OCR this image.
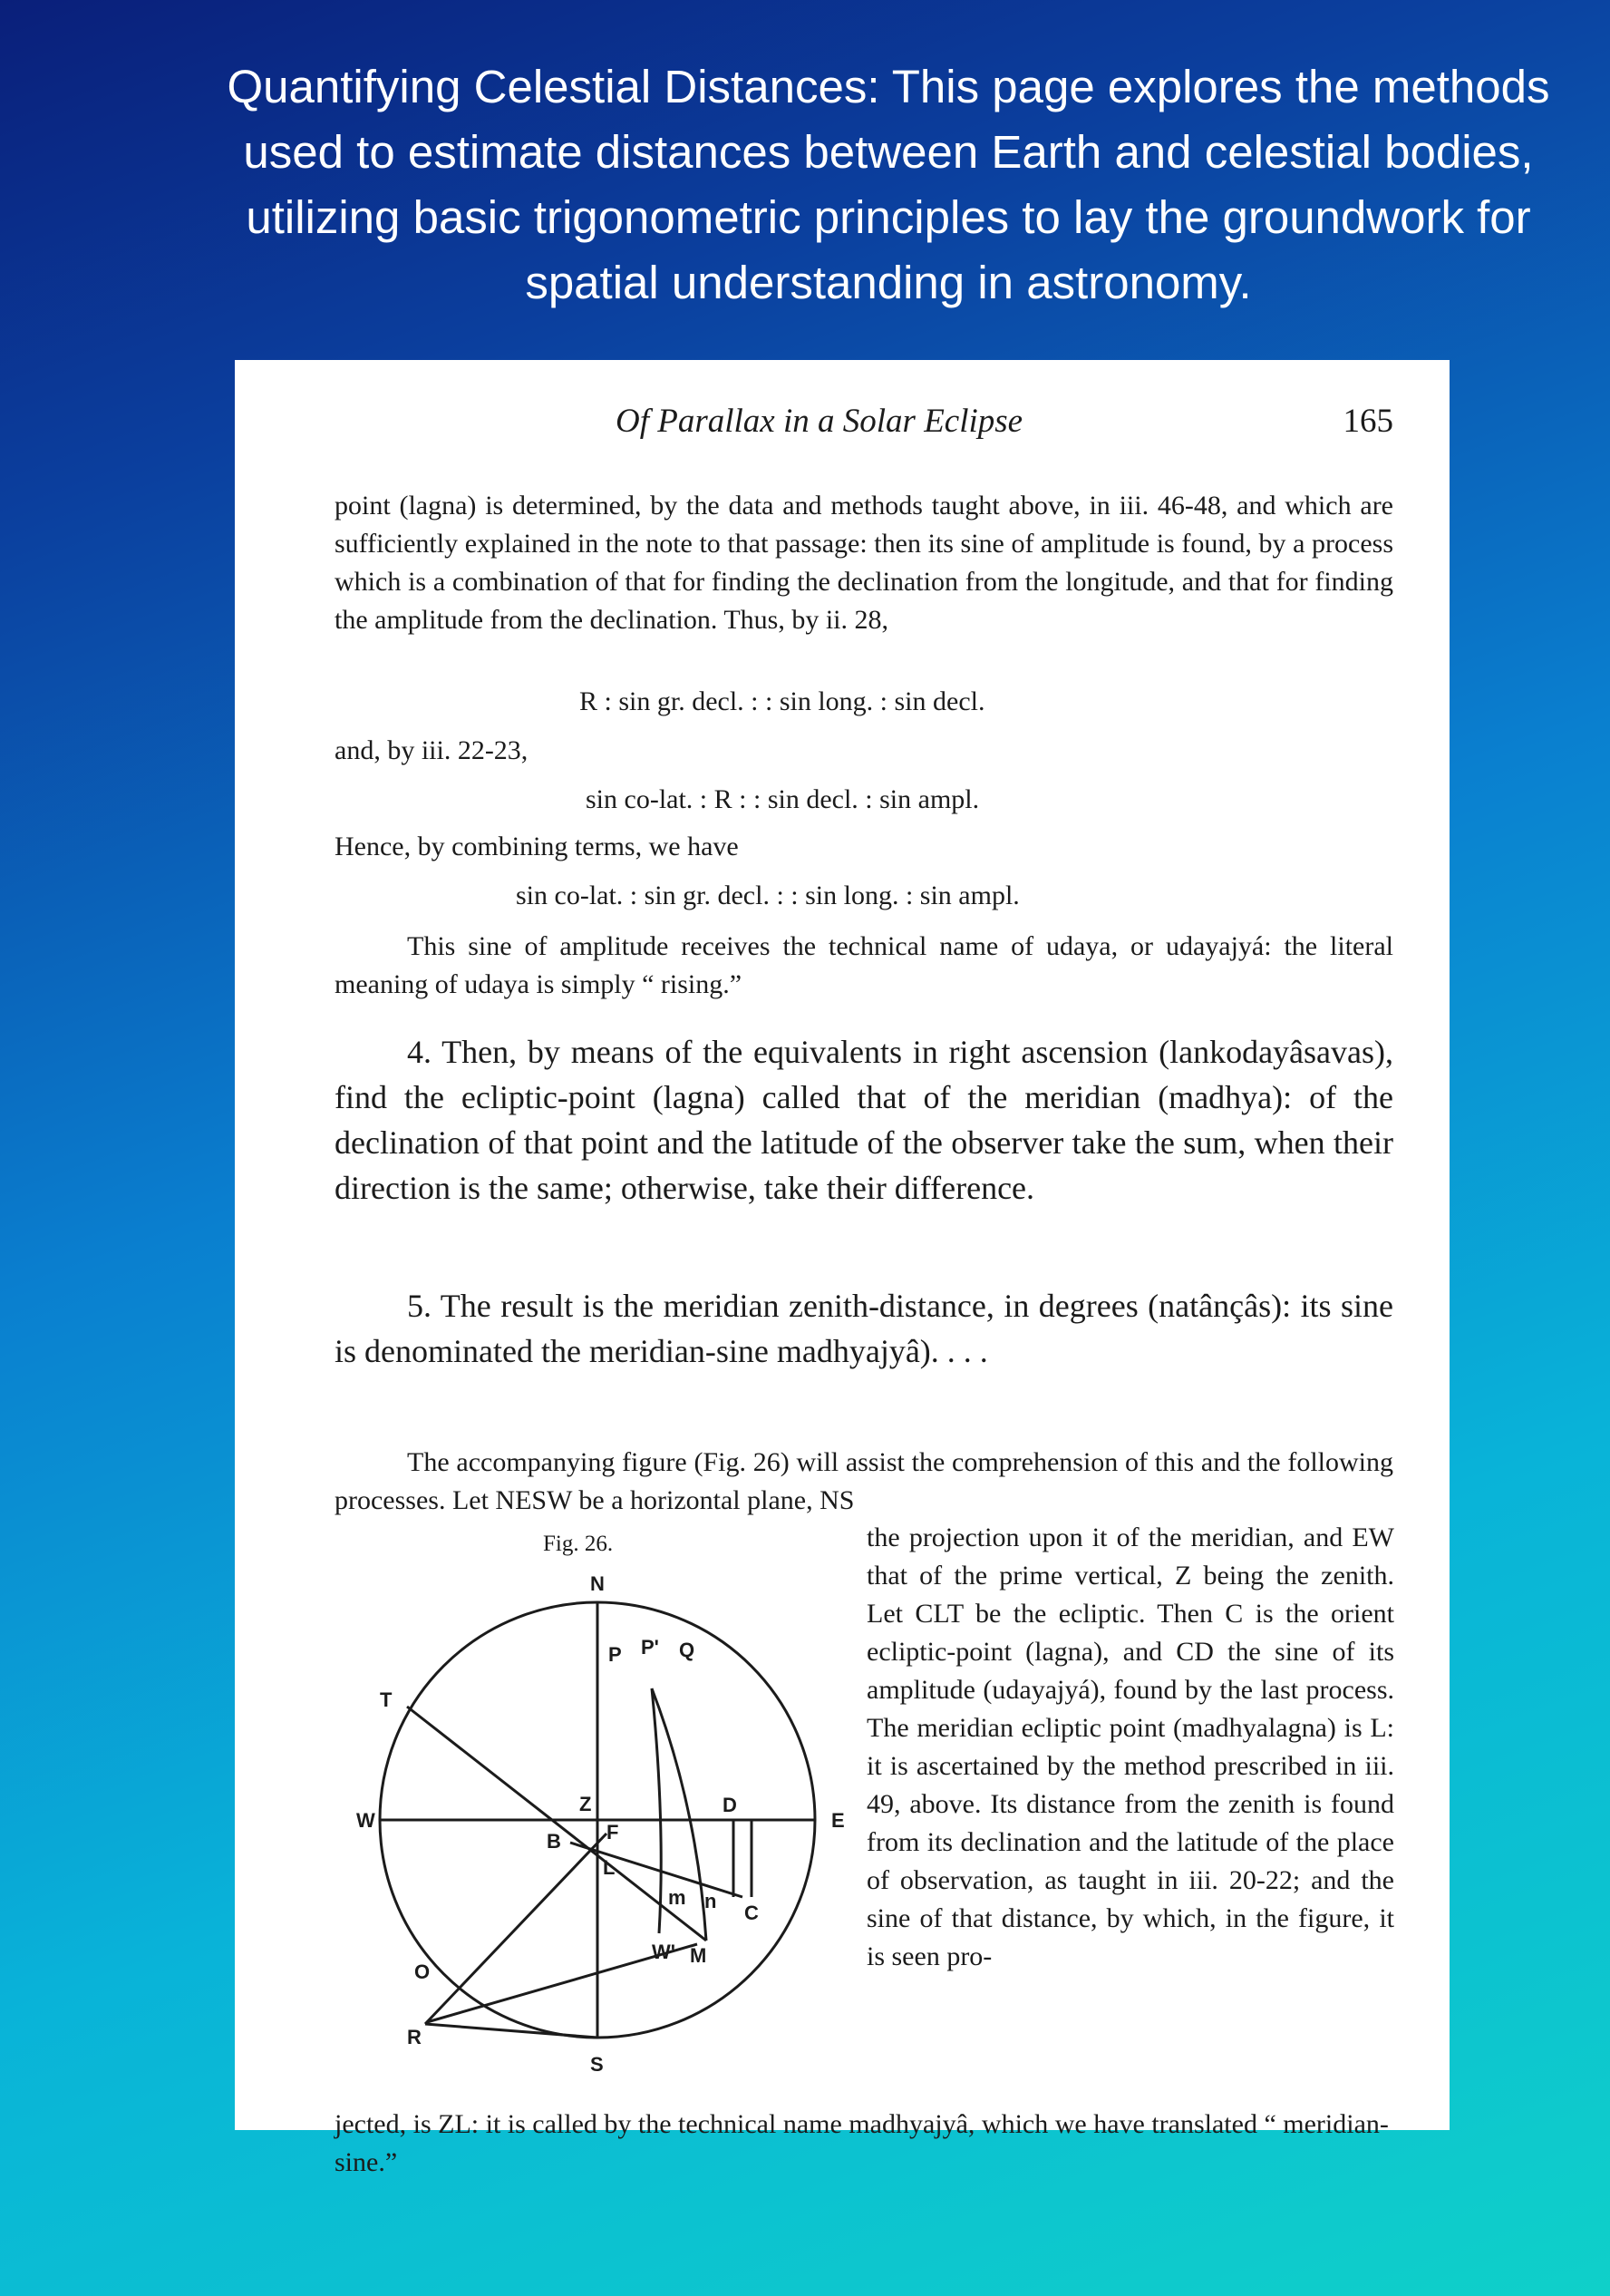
Quantifying Celestial Distances: This page explores the methods used to estimate distances between Earth and celestial bodies, utilizing basic trigonometric principles to lay the groundwork for spatial understanding in astronomy.
Of Parallax in a Solar Eclipse	165
point (lagna) is determined, by the data and methods taught above, in iii. 46-48, and which are sufficiently explained in the note to that passage: then its sine of amplitude is found, by a process which is a combination of that for finding the declination from the longitude, and that for finding the amplitude from the declination. Thus, by ii. 28,
R : sin gr. decl. : : sin long. : sin decl.
and, by iii. 22-23,
sin co-lat. : R : : sin decl. : sin ampl.
Hence, by combining terms, we have
sin co-lat. : sin gr. decl. : : sin long. : sin ampl.
This sine of amplitude receives the technical name of udaya, or udayajyá: the literal meaning of udaya is simply “ rising.”
4. Then, by means of the equivalents in right ascension (lankodayâsavas), find the ecliptic-point (lagna) called that of the meridian (madhya): of the declination of that point and the latitude of the observer take the sum, when their direction is the same; otherwise, take their difference.
5. The result is the meridian zenith-distance, in degrees (natânçâs): its sine is denominated the meridian-sine madhyajyâ). . . .
The accompanying figure (Fig. 26) will assist the comprehension of this and the following processes. Let NESW be a horizontal plane, NS
Fig. 26.
N
S
E
W
Z
T
Q
P P'
D
C
B F
L
M
W'
n
m
O
R
the projection upon it of the meridian, and EW that of the prime vertical, Z being the zenith. Let CLT be the ecliptic. Then C is the orient ecliptic-point (lagna), and CD the sine of its amplitude (udayajyá), found by the last process. The meridian ecliptic point (madhyalagna) is L: it is ascertained by the method prescribed in iii. 49, above. Its distance from the zenith is found from its declination and the latitude of the place of observation, as taught in iii. 20-22; and the sine of that distance, by which, in the figure, it is seen pro-
jected, is ZL: it is called by the technical name madhyajyâ, which we have translated “ meridian-sine.”
